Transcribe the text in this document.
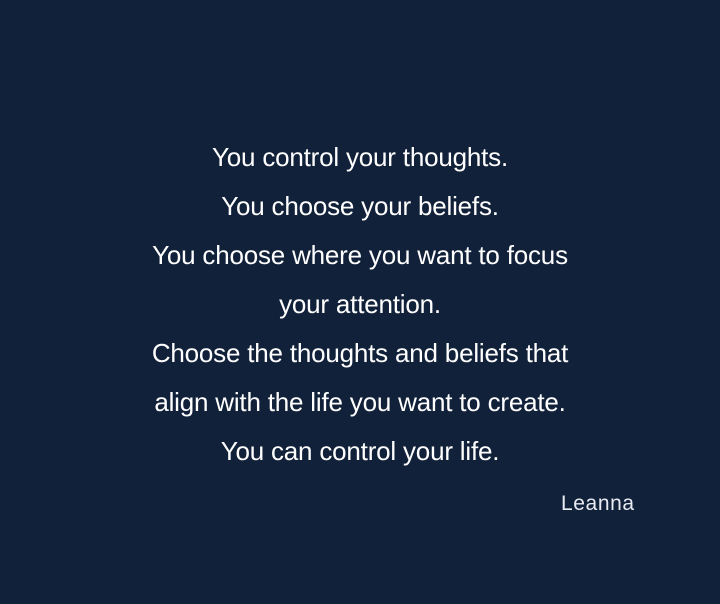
You control your thoughts.
You choose your beliefs.
You choose where you want to focus
your attention.
Choose the thoughts and beliefs that
align with the life you want to create.
You can control your life.
Leanna
